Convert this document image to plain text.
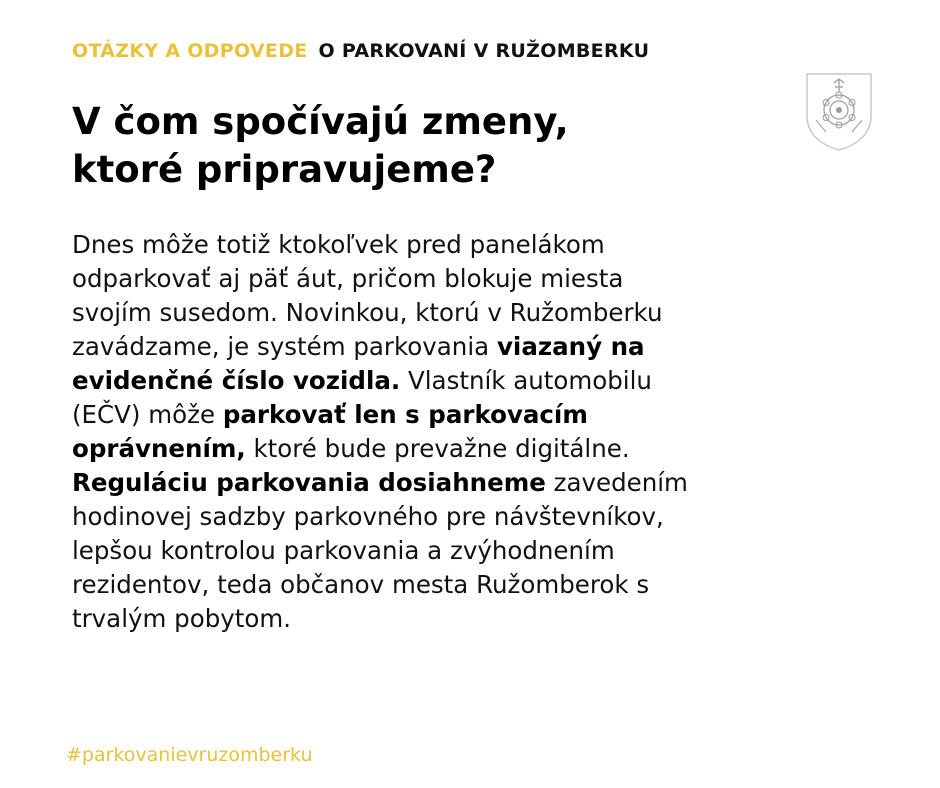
OTÁZKY A ODPOVEDE O PARKOVANÍ V RUŽOMBERKU
V čom spočívajú zmeny,
ktoré pripravujeme?
Dnes môže totiž ktokoľvek pred panelákom
odparkovať aj päť áut, pričom blokuje miesta
svojím susedom. Novinkou, ktorú v Ružomberku
zavádzame, je systém parkovania viazaný na
evidenčné číslo vozidla. Vlastník automobilu
(EČV) môže parkovať len s parkovacím
oprávnením, ktoré bude prevažne digitálne.
Reguláciu parkovania dosiahneme zavedením
hodinovej sadzby parkovného pre návštevníkov,
lepšou kontrolou parkovania a zvýhodnením
rezidentov, teda občanov mesta Ružomberok s
trvalým pobytom.
#parkovanievruzomberku
